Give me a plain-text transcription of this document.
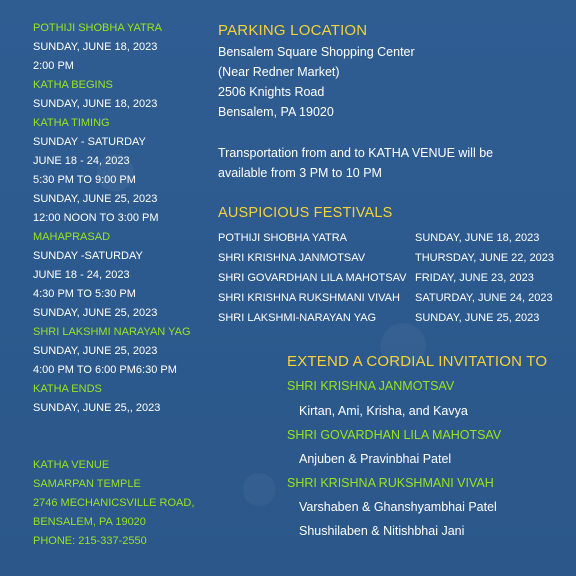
POTHIJI SHOBHA YATRA
SUNDAY, JUNE 18, 2023
2:00 PM
KATHA BEGINS
SUNDAY, JUNE 18, 2023
KATHA TIMING
SUNDAY - SATURDAY
JUNE 18 - 24, 2023
5:30 PM TO 9:00 PM
SUNDAY, JUNE 25, 2023
12:00 NOON TO 3:00 PM
MAHAPRASAD
SUNDAY -SATURDAY
JUNE 18 - 24, 2023
4:30 PM TO 5:30 PM
SUNDAY, JUNE 25, 2023
SHRI LAKSHMI NARAYAN YAG
SUNDAY, JUNE 25, 2023
4:00 PM TO 6:00 PM6:30 PM
KATHA ENDS
SUNDAY, JUNE 25,, 2023
KATHA VENUE
SAMARPAN TEMPLE
2746 MECHANICSVILLE ROAD,
BENSALEM, PA 19020
PHONE: 215-337-2550
PARKING LOCATION
Bensalem Square Shopping Center
(Near Redner Market)
2506 Knights Road
Bensalem, PA 19020
Transportation from and to KATHA VENUE will be
available from 3 PM to 10 PM
AUSPICIOUS FESTIVALS
POTHIJI SHOBHA YATRA	SUNDAY, JUNE 18, 2023
SHRI KRISHNA JANMOTSAV	THURSDAY, JUNE 22, 2023
SHRI GOVARDHAN LILA MAHOTSAV FRIDAY, JUNE 23, 2023
SHRI KRISHNA RUKSHMANI VIVAH SATURDAY, JUNE 24, 2023
SHRI LAKSHMI-NARAYAN YAG	SUNDAY, JUNE 25, 2023
EXTEND A CORDIAL INVITATION TO
SHRI KRISHNA JANMOTSAV
Kirtan, Ami, Krisha, and Kavya
SHRI GOVARDHAN LILA MAHOTSAV
Anjuben & Pravinbhai Patel
SHRI KRISHNA RUKSHMANI VIVAH
Varshaben & Ghanshyambhai Patel
Shushilaben & Nitishbhai Jani
